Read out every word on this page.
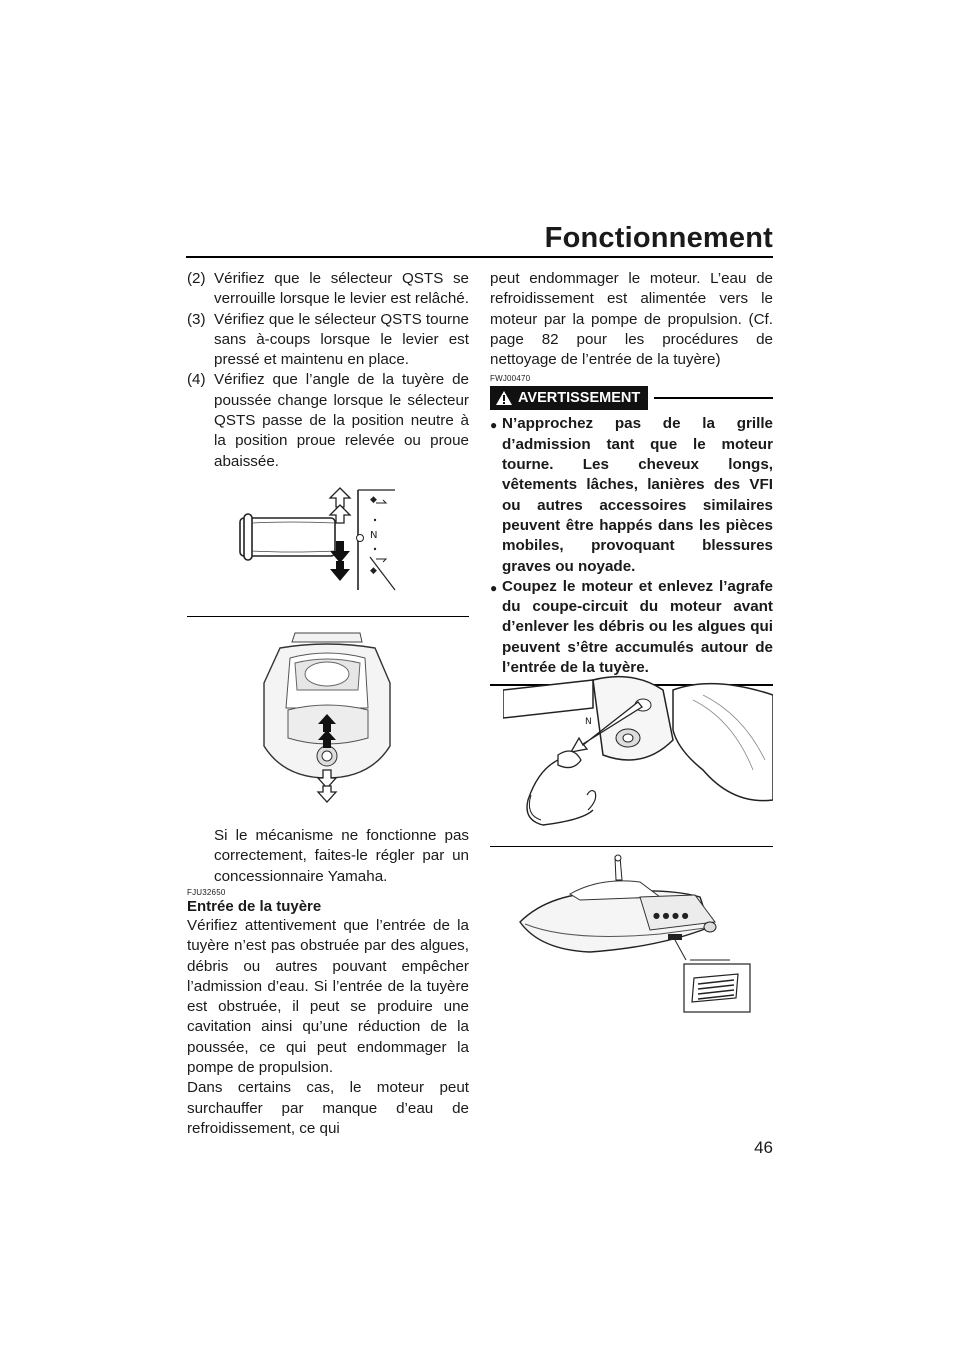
Fonctionnement
(2) Vérifiez que le sélecteur QSTS se verrouille lorsque le levier est relâché.
(3) Vérifiez que le sélecteur QSTS tourne sans à-coups lorsque le levier est pressé et maintenu en place.
(4) Vérifiez que l’angle de la tuyère de poussée change lorsque le sélecteur QSTS passe de la position neutre à la position proue relevée ou proue abaissée.
◆
N
◆
Si le mécanisme ne fonctionne pas correctement, faites-le régler par un concessionnaire Yamaha.
FJU32650
Entrée de la tuyère
Vérifiez attentivement que l’entrée de la tuyère n’est pas obstruée par des algues, débris ou autres pouvant empêcher l’admission d’eau. Si l’entrée de la tuyère est obstruée, il peut se produire une cavitation ainsi qu’une réduction de la poussée, ce qui peut endommager la pompe de propulsion.
Dans certains cas, le moteur peut surchauffer par manque d’eau de refroidissement, ce qui
peut endommager le moteur. L’eau de refroidissement est alimentée vers le moteur par la pompe de propulsion. (Cf. page 82 pour les procédures de nettoyage de l’entrée de la tuyère)
FWJ00470
AVERTISSEMENT
● N’approchez pas de la grille d’admission tant que le moteur tourne. Les cheveux longs, vêtements lâches, lanières des VFI ou autres accessoires similaires peuvent être happés dans les pièces mobiles, provoquant blessures graves ou noyade.
● Coupez le moteur et enlevez l’agrafe du coupe-circuit du moteur avant d’enlever les débris ou les algues qui peuvent s’être accumulés autour de l’entrée de la tuyère.
N
● ● ● ●
46
